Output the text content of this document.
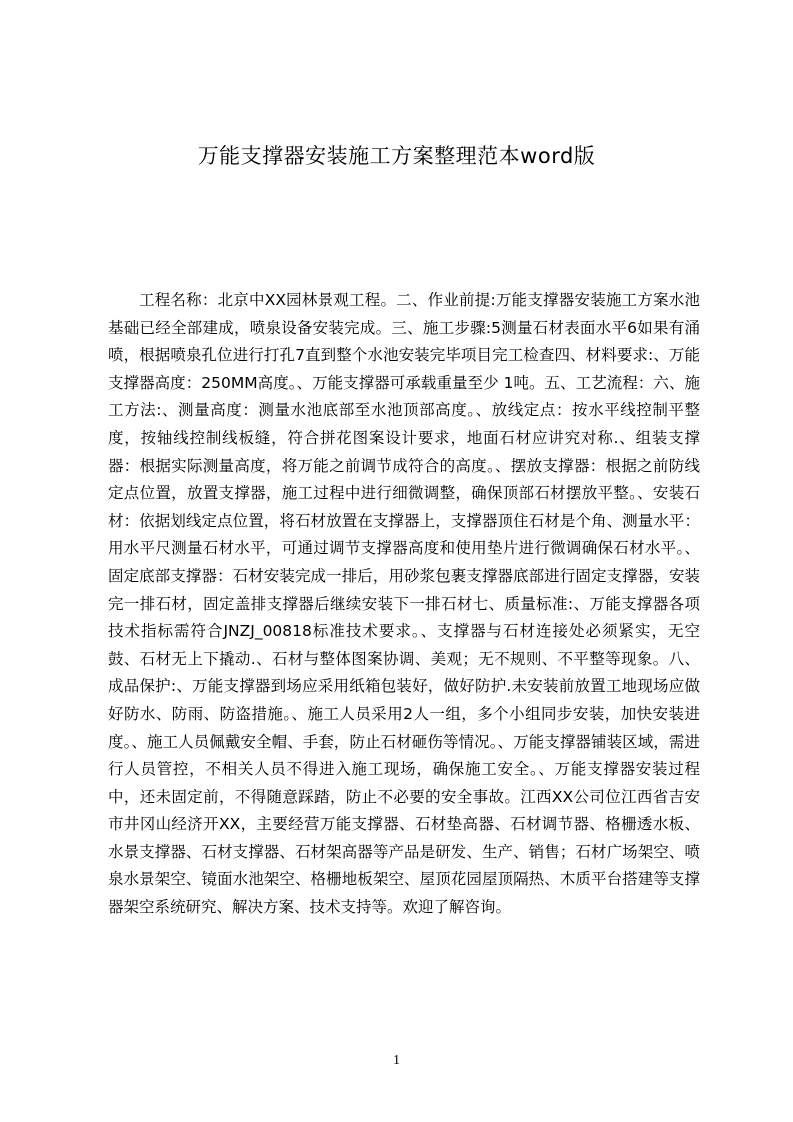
万能支撑器安装施工方案整理范本word版

工程名称：北京中XX园林景观工程。二、作业前提:万能支撑器安装施工方案水池基础已经全部建成，喷泉设备安装完成。三、施工步骤:5测量石材表面水平6如果有涌喷，根据喷泉孔位进行打孔7直到整个水池安装完毕项目完工检查四、材料要求:、万能支撑器高度：250MM高度。、万能支撑器可承载重量至少 1吨。五、工艺流程：六、施工方法:、测量高度：测量水池底部至水池顶部高度。、放线定点：按水平线控制平整度，按轴线控制线板缝，符合拼花图案设计要求，地面石材应讲究对称.、组装支撑器：根据实际测量高度，将万能之前调节成符合的高度。、摆放支撑器：根据之前防线定点位置，放置支撑器，施工过程中进行细微调整，确保顶部石材摆放平整。、安装石材：依据划线定点位置，将石材放置在支撑器上，支撑器顶住石材是个角、测量水平：用水平尺测量石材水平，可通过调节支撑器高度和使用垫片进行微调确保石材水平。、固定底部支撑器：石材安装完成一排后，用砂浆包裹支撑器底部进行固定支撑器，安装完一排石材，固定盖排支撑器后继续安装下一排石材七、质量标准:、万能支撑器各项技术指标需符合JNZJ_00818标准技术要求。、支撑器与石材连接处必须紧实，无空鼓、石材无上下撬动.、石材与整体图案协调、美观；无不规则、不平整等现象。八、成品保护:、万能支撑器到场应采用纸箱包装好，做好防护.未安装前放置工地现场应做好防水、防雨、防盗措施。、施工人员采用2人一组，多个小组同步安装，加快安装进度。、施工人员佩戴安全帽、手套，防止石材砸伤等情况。、万能支撑器铺装区域，需进行人员管控，不相关人员不得进入施工现场，确保施工安全。、万能支撑器安装过程中，还未固定前，不得随意踩踏，防止不必要的安全事故。江西XX公司位江西省吉安市井冈山经济开XX，主要经营万能支撑器、石材垫高器、石材调节器、格栅透水板、水景支撑器、石材支撑器、石材架高器等产品是研发、生产、销售；石材广场架空、喷泉水景架空、镜面水池架空、格栅地板架空、屋顶花园屋顶隔热、木质平台搭建等支撑器架空系统研究、解决方案、技术支持等。欢迎了解咨询。

1
